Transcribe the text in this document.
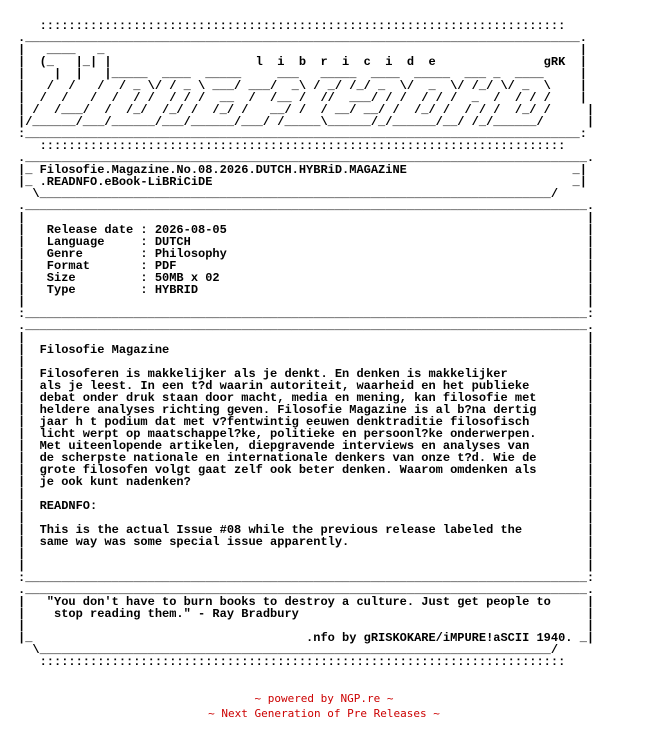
:::::::::::::::::::::::::::::::::::::::::::::::::::::::::::::::::::::::::
._____________________________________________________________________________.
|   ____   _                                                                  |
|  (_   |_| |                    l  i  b  r  i  c  i  d  e               gRK  |
|    |  |   |_____  ____  _____     ___   _____  ____  _____  ___ _  ____     |
|   /  /   /  / _ \/ / _ \ ___/ ___/  _\ / _/ /_/ _  \/  _  \/ /_/ \/ _  \    |
|  /  /   /  /  / /  / / /  __  /  /__ /  //  ___/ / /  / / /  _  /  / / /    |
| /  /___/  /  /_/  /_/ /  /_/ /   __/ /  / __/ __/ /  /_/ /  / / /  /_/ /     |
|/______/___/______/___/______/___/ /_____\______/_/______/__/ /_/______/      |
:_____________________________________________________________________________:
:::::::::::::::::::::::::::::::::::::::::::::::::::::::::::::::::::::::::
.______________________________________________________________________________.
|_ Filosofie.Magazine.No.08.2026.DUTCH.HYBRiD.MAGAZiNE                       _|
|_ .READNFO.eBook-LiBRiCiDE                                                  _|
\_______________________________________________________________________/
.______________________________________________________________________________.
|                                                                              |
|   Release date : 2026-08-05                                                  |
|   Language     : DUTCH                                                       |
|   Genre        : Philosophy                                                  |
|   Format       : PDF                                                         |
|   Size         : 50MB x 02                                                   |
|   Type         : HYBRID                                                      |
|                                                                              |
:______________________________________________________________________________:
.______________________________________________________________________________.
|                                                                              |
|  Filosofie Magazine                                                          |
|                                                                              |
|  Filosoferen is makkelijker als je denkt. En denken is makkelijker           |
|  als je leest. In een t?d waarin autoriteit, waarheid en het publieke        |
|  debat onder druk staan door macht, media en mening, kan filosofie met       |
|  heldere analyses richting geven. Filosofie Magazine is al b?na dertig       |
|  jaar h t podium dat met v?fentwintig eeuwen denktraditie filosofisch        |
|  licht werpt op maatschappel?ke, politieke en persoonl?ke onderwerpen.       |
|  Met uiteenlopende artikelen, diepgravende interviews en analyses van        |
|  de scherpste nationale en internationale denkers van onze t?d. Wie de       |
|  grote filosofen volgt gaat zelf ook beter denken. Waarom omdenken als       |
|  je ook kunt nadenken?                                                       |
|                                                                              |
|  READNFO:                                                                    |
|                                                                              |
|  This is the actual Issue #08 while the previous release labeled the         |
|  same way was some special issue apparently.                                 |
|                                                                              |
|                                                                              |
:______________________________________________________________________________:
.______________________________________________________________________________.
|   "You don't have to burn books to destroy a culture. Just get people to     |
|    stop reading them." - Ray Bradbury                                        |
|                                                                              |
|_                                      .nfo by gRISKOKARE/iMPURE!aSCII 1940. _|
\_______________________________________________________________________/
:::::::::::::::::::::::::::::::::::::::::::::::::::::::::::::::::::::::::
~ powered by NGP.re ~
~ Next Generation of Pre Releases ~
